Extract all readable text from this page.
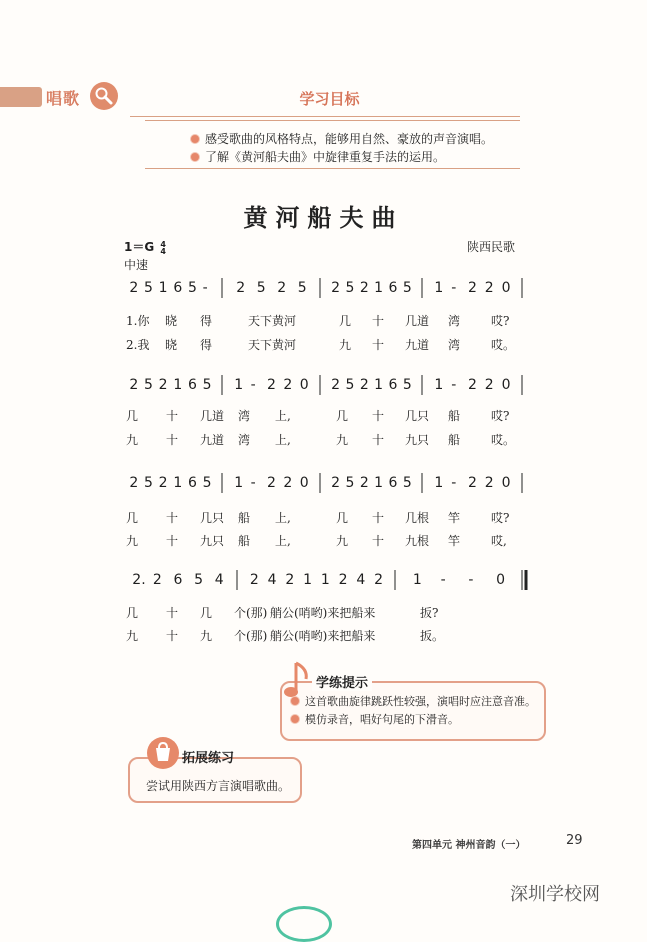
唱歌	学习目标
感受歌曲的风格特点，能够用自然、豪放的声音演唱。
了解《黄河船夫曲》中旋律重复手法的运用。
黄河船夫曲
1＝G 4
4
中速
陕西民歌
2 5 1 6 5 - 2 5 2 5 2 5 2 1 6 5 1 - 2 2 0
1.你 晓 得	天下黄河	几 十 几道 湾	哎?
2.我 晓 得	天下黄河	九 十 九道 湾	哎。
2 5 2 1 6 5 1 - 2 2 0 2 5 2 1 6 5 1 - 2 2 0
几 十 几道 湾 上,	几 十 几只 船	哎?
九 十 九道 湾 上,	九 十 九只 船	哎。
2 5 2 1 6 5 1 - 2 2 0 2 5 2 1 6 5 1 - 2 2 0
几 十 几只 船 上,	几 十 几根 竿	哎?
九 十 九只 船 上,	九 十 九根 竿	哎,
2. 2 6 5 4 2 4 2 1 1 2 4 2 1 - - 0
几 十 几 个(那) 艄公(哨哟)来把船来	扳?
九 十 九 个(那) 艄公(哨哟)来把船来	扳。
学练提示
这首歌曲旋律跳跃性较强，演唱时应注意音准。
模仿录音，唱好句尾的下滑音。
拓展练习
尝试用陕西方言演唱歌曲。
第四单元 神州音韵（一）	29
深圳学校网
